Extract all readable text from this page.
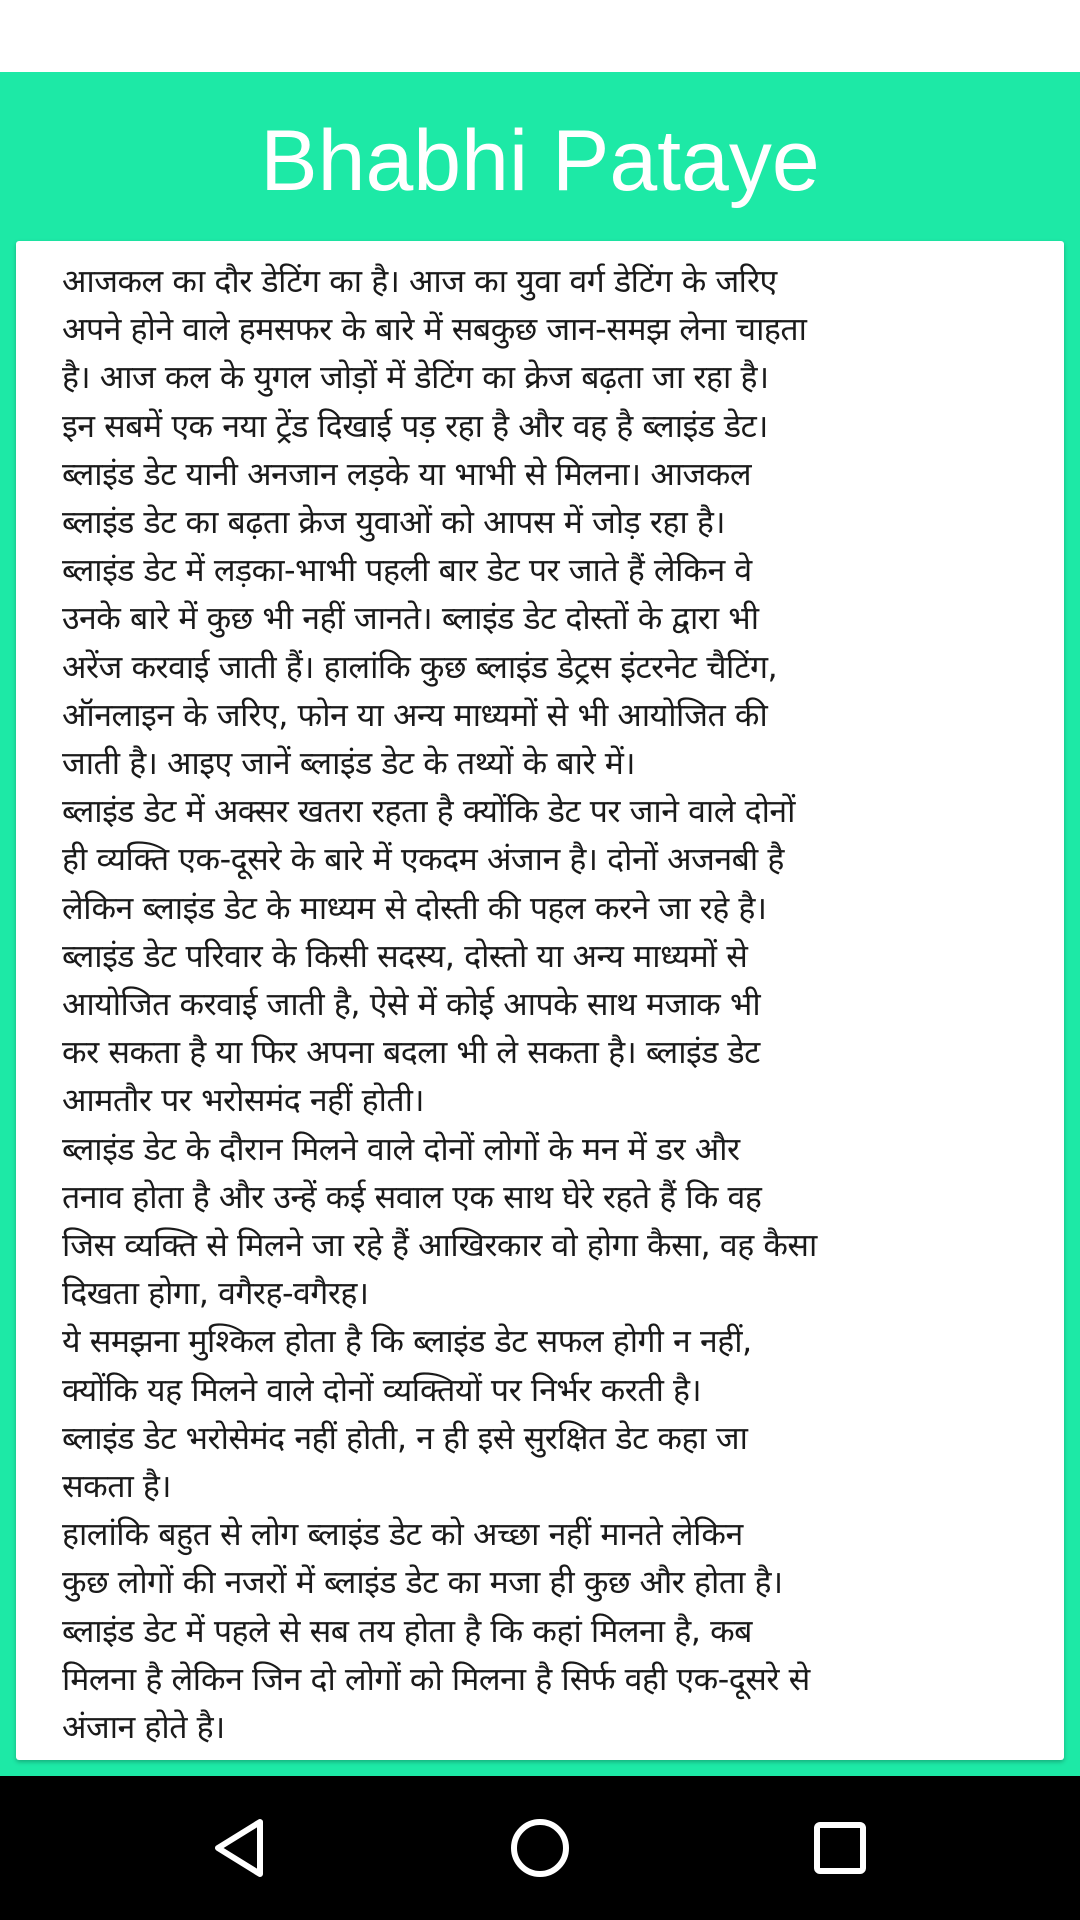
Bhabhi Pataye
आजकल का दौर डेटिंग का है। आज का युवा वर्ग डेटिंग के जरिए
अपने होने वाले हमसफर के बारे में सबकुछ जान-समझ लेना चाहता
है। आज कल के युगल जोड़ों में डेटिंग का क्रेज बढ़ता जा रहा है।
इन सबमें एक नया ट्रेंड दिखाई पड़ रहा है और वह है ब्लाइंड डेट।
ब्लाइंड डेट यानी अनजान लड़के या भाभी से मिलना। आजकल
ब्लाइंड डेट का बढ़ता क्रेज युवाओं को आपस में जोड़ रहा है।
ब्लाइंड डेट में लड़का-भाभी पहली बार डेट पर जाते हैं लेकिन वे
उनके बारे में कुछ भी नहीं जानते। ब्लाइंड डेट दोस्तों के द्वारा भी
अरेंज करवाई जाती हैं। हालांकि कुछ ब्लाइंड डेट्रस इंटरनेट चैटिंग,
ऑनलाइन के जरिए, फोन या अन्य माध्यमों से भी आयोजित की
जाती है। आइए जानें ब्लाइंड डेट के तथ्यों के बारे में।
ब्लाइंड डेट में अक्सर खतरा रहता है क्योंकि डेट पर जाने वाले दोनों
ही व्यक्ति एक-दूसरे के बारे में एकदम अंजान है। दोनों अजनबी है
लेकिन ब्लाइंड डेट के माध्यम से दोस्ती की पहल करने जा रहे है।
ब्लाइंड डेट परिवार के किसी सदस्य, दोस्तो या अन्य माध्यमों से
आयोजित करवाई जाती है, ऐसे में कोई आपके साथ मजाक भी
कर सकता है या फिर अपना बदला भी ले सकता है। ब्लाइंड डेट
आमतौर पर भरोसमंद नहीं होती।
ब्लाइंड डेट के दौरान मिलने वाले दोनों लोगों के मन में डर और
तनाव होता है और उन्हें कई सवाल एक साथ घेरे रहते हैं कि वह
जिस व्यक्ति से मिलने जा रहे हैं आखिरकार वो होगा कैसा, वह कैसा
दिखता होगा, वगैरह-वगैरह।
ये समझना मुश्किल होता है कि ब्लाइंड डेट सफल होगी न नहीं,
क्योंकि यह मिलने वाले दोनों व्यक्तियों पर निर्भर करती है।
ब्लाइंड डेट भरोसेमंद नहीं होती, न ही इसे सुरक्षित डेट कहा जा
सकता है।
हालांकि बहुत से लोग ब्लाइंड डेट को अच्छा नहीं मानते लेकिन
कुछ लोगों की नजरों में ब्लाइंड डेट का मजा ही कुछ और होता है।
ब्लाइंड डेट में पहले से सब तय होता है कि कहां मिलना है, कब
मिलना है लेकिन जिन दो लोगों को मिलना है सिर्फ वही एक-दूसरे से
अंजान होते है।
